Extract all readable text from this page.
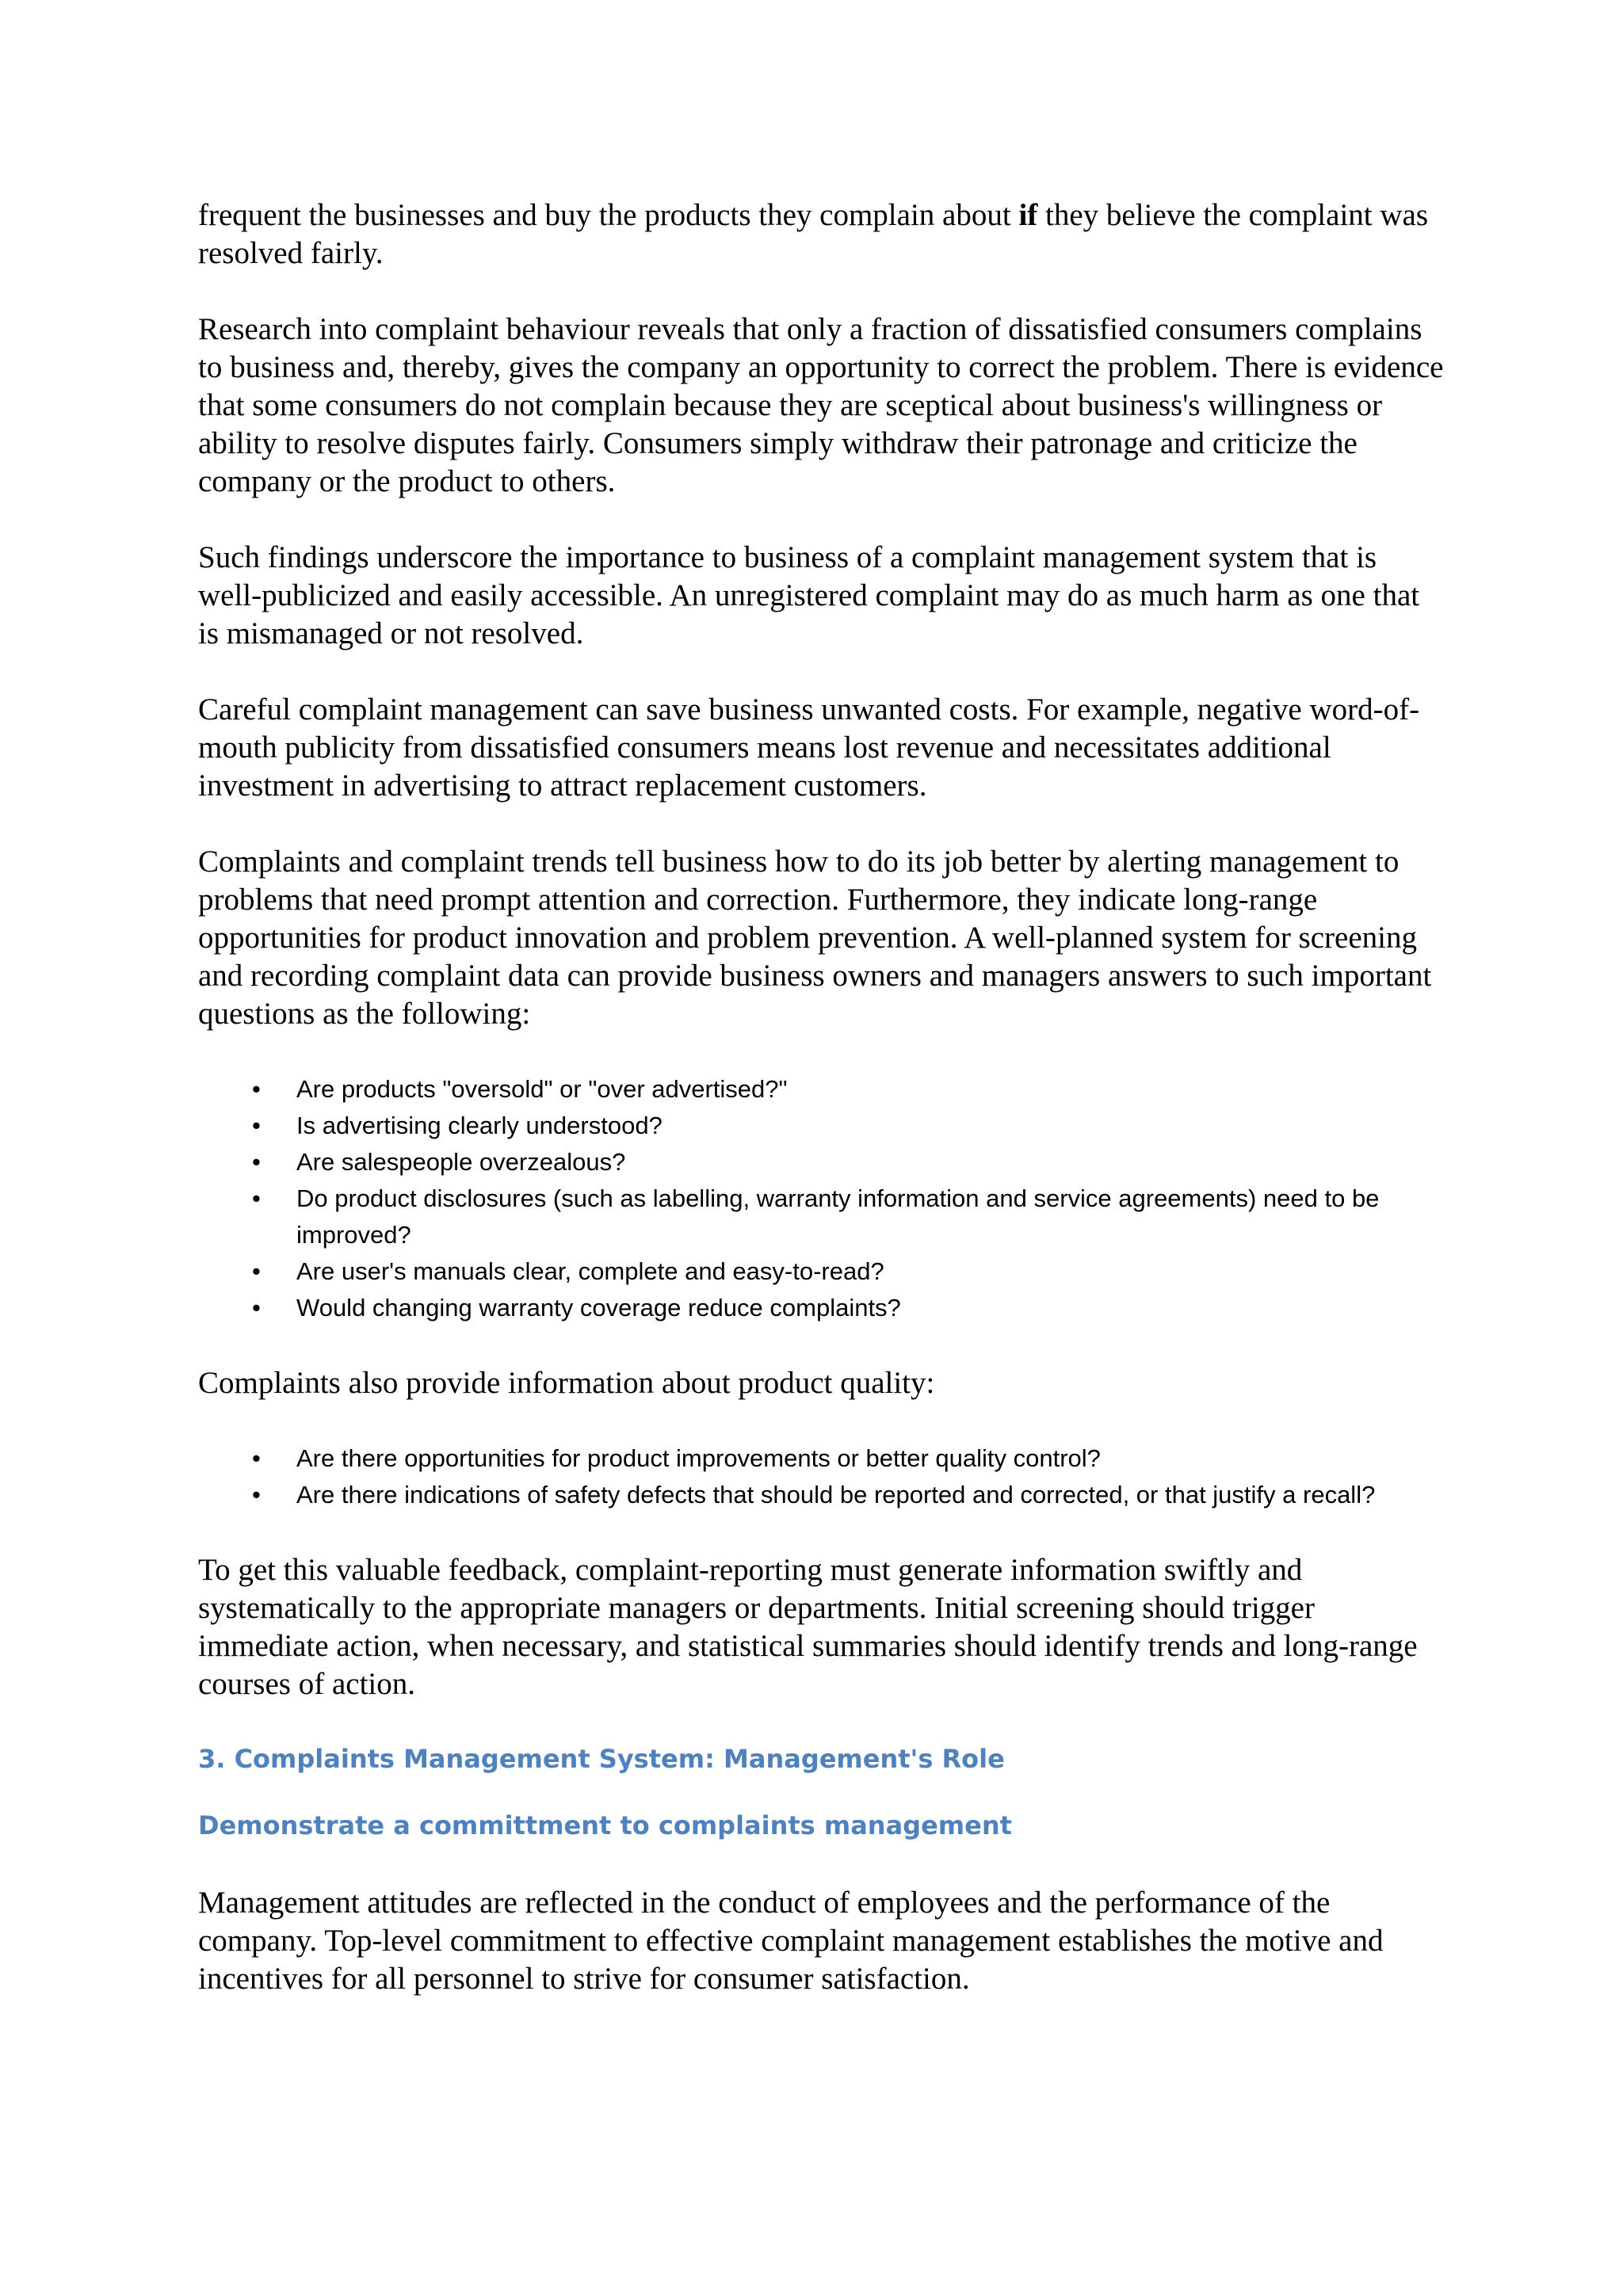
frequent the businesses and buy the products they complain about if they believe the complaint was resolved fairly.

Research into complaint behaviour reveals that only a fraction of dissatisfied consumers complains to business and, thereby, gives the company an opportunity to correct the problem. There is evidence that some consumers do not complain because they are sceptical about business's willingness or ability to resolve disputes fairly. Consumers simply withdraw their patronage and criticize the company or the product to others.

Such findings underscore the importance to business of a complaint management system that is well-publicized and easily accessible. An unregistered complaint may do as much harm as one that is mismanaged or not resolved.

Careful complaint management can save business unwanted costs. For example, negative word-of-mouth publicity from dissatisfied consumers means lost revenue and necessitates additional investment in advertising to attract replacement customers.

Complaints and complaint trends tell business how to do its job better by alerting management to problems that need prompt attention and correction. Furthermore, they indicate long-range opportunities for product innovation and problem prevention. A well-planned system for screening and recording complaint data can provide business owners and managers answers to such important questions as the following:

• Are products "oversold" or "over advertised?"
• Is advertising clearly understood?
• Are salespeople overzealous?
• Do product disclosures (such as labelling, warranty information and service agreements) need to be improved?
• Are user's manuals clear, complete and easy-to-read?
• Would changing warranty coverage reduce complaints?

Complaints also provide information about product quality:

• Are there opportunities for product improvements or better quality control?
• Are there indications of safety defects that should be reported and corrected, or that justify a recall?

To get this valuable feedback, complaint-reporting must generate information swiftly and systematically to the appropriate managers or departments. Initial screening should trigger immediate action, when necessary, and statistical summaries should identify trends and long-range courses of action.

3. Complaints Management System: Management's Role
Demonstrate a committment to complaints management

Management attitudes are reflected in the conduct of employees and the performance of the company. Top-level commitment to effective complaint management establishes the motive and incentives for all personnel to strive for consumer satisfaction.
